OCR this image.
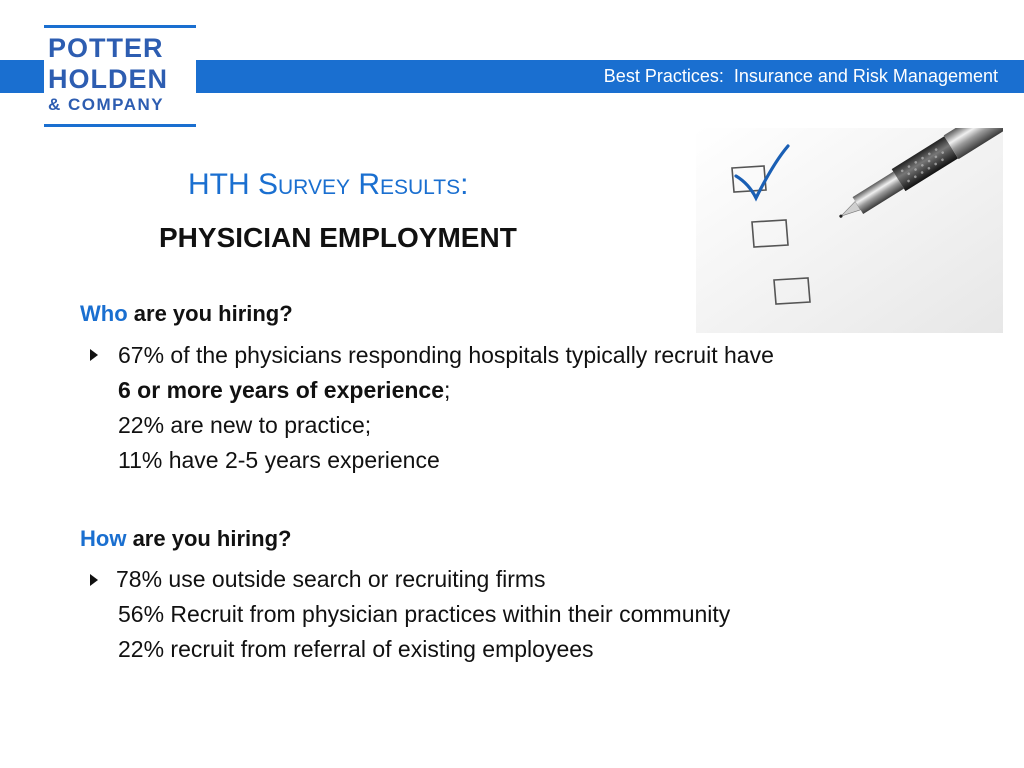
Best Practices:  Insurance and Risk Management
POTTER
HOLDEN
& COMPANY
HTH Survey Results:
PHYSICIAN EMPLOYMENT
Who are you hiring?
67% of the physicians responding hospitals typically recruit have
6 or more years of experience;
22% are new to practice;
11% have 2-5 years experience
How are you hiring?
78% use outside search or recruiting firms
56% Recruit from physician practices within their community
22% recruit from referral of existing employees
